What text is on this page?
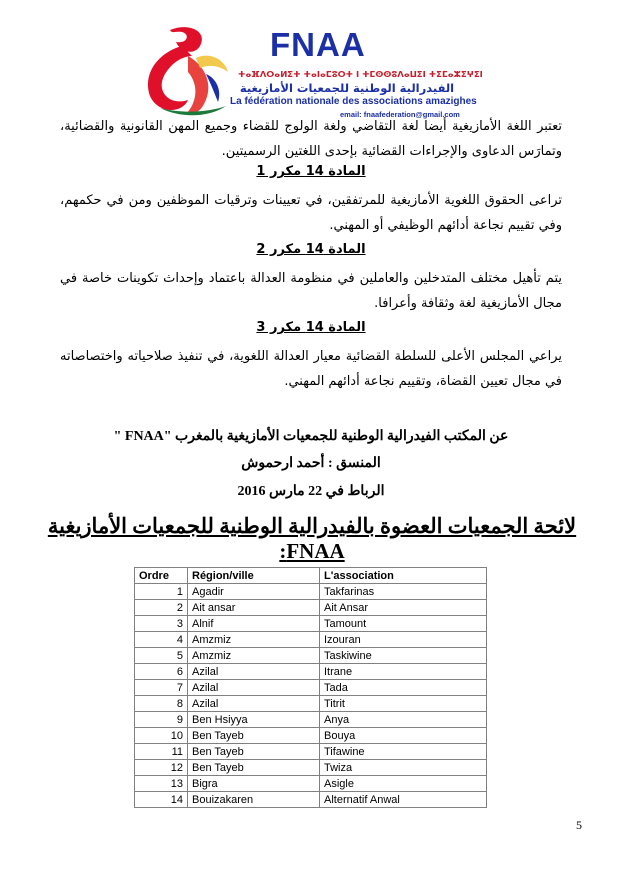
FNAA
ⵜⴰⴼⴷⵔⴰⵍⵉⵜ ⵜⴰⵏⴰⵎⵓⵔⵜ ⵏ ⵜⵎⵙⵙⵓⴷⴰⵡⵉⵏ ⵜⵉⵎⴰⵣⵉⵖⵉⵏ
الفيدرالية الوطنية للجمعيات الأمازيغية
La fédération nationale des associations amazighes
email: fnaafederation@gmail.com
تعتبر اللغة الأمازيغية أيضا لغة التقاضي ولغة الولوج للقضاء وجميع المهن القانونية والقضائية، وتمارَس الدعاوى والإجراءات القضائية بإحدى اللغتين الرسميتين.
المادة 14 مكرر 1
تراعى الحقوق اللغوية الأمازيغية للمرتفقين، في تعيينات وترقيات الموظفين ومن في حكمهم، وفي تقييم نجاعة أدائهم الوظيفي أو المهني.
المادة 14 مكرر 2
يتم تأهيل مختلف المتدخلين والعاملين في منظومة العدالة باعتماد وإحداث تكوينات خاصة في مجال الأمازيغية لغة وثقافة وأعرافا.
المادة 14 مكرر 3
يراعي المجلس الأعلى للسلطة القضائية معيار العدالة اللغوية، في تنفيذ صلاحياته واختصاصاته في مجال تعيين القضاة، وتقييم نجاعة أدائهم المهني.
عن المكتب الفيدرالية الوطنية للجمعيات الأمازيغية بالمغرب "FNAA "
المنسق : أحمد ارحموش
الرباط في 22 مارس 2016
لائحة الجمعيات العضوة بالفيدرالية الوطنية للجمعيات الأمازيغية FNAA:
Ordre	Région/ville	L'association
1	Agadir	Takfarinas
2	Ait ansar	Ait Ansar
3	Alnif	Tamount
4	Amzmiz	Izouran
5	Amzmiz	Taskiwine
6	Azilal	Itrane
7	Azilal	Tada
8	Azilal	Titrit
9	Ben Hsiyya	Anya
10	Ben Tayeb	Bouya
11	Ben Tayeb	Tifawine
12	Ben Tayeb	Twiza
13	Bigra	Asigle
14	Bouizakaren	Alternatif Anwal
5
